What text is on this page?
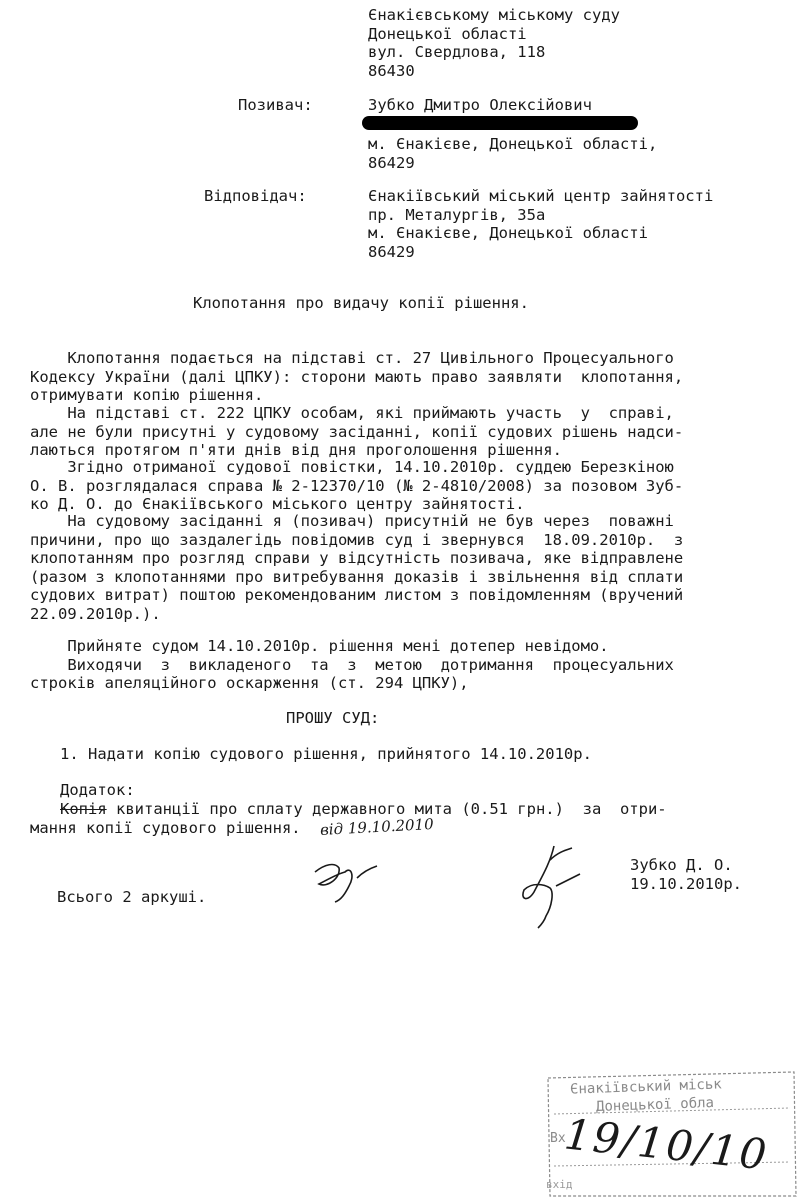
Єнакієвському міському суду
Донецької області
вул. Свердлова, 118
86430
Позивач:	Зубко Дмитро Олексійович
м. Єнакієве, Донецької області,
86429
Відповідач:	Єнакіївський міський центр зайнятості
пр. Металургів, 35а
м. Єнакієве, Донецької області
86429
Клопотання про видачу копії рішення.
Клопотання подається на підставі ст. 27 Цивільного Процесуального
Кодексу України (далі ЦПКУ): сторони мають право заявляти  клопотання,
отримувати копію рішення.
На підставі ст. 222 ЦПКУ особам, які приймають участь  у  справі,
але не були присутні у судовому засіданні, копії судових рішень надси-
лаються протягом п'яти днів від дня проголошення рішення.
Згідно отриманої судової повістки, 14.10.2010р. суддею Березкіною
О. В. розглядалася справа № 2-12370/10 (№ 2-4810/2008) за позовом Зуб-
ко Д. О. до Єнакіївського міського центру зайнятості.
На судовому засіданні я (позивач) присутній не був через  поважні
причини, про що заздалегідь повідомив суд і звернувся  18.09.2010р.  з
клопотанням про розгляд справи у відсутність позивача, яке відправлене
(разом з клопотаннями про витребування доказів і звільнення від сплати
судових витрат) поштою рекомендованим листом з повідомленням (вручений
22.09.2010р.).
Прийняте судом 14.10.2010р. рішення мені дотепер невідомо.
Виходячи  з  викладеного  та  з  метою  дотримання  процесуальних
строків апеляційного оскарження (ст. 294 ЦПКУ),
ПРОШУ СУД:
1. Надати копію судового рішення, прийнятого 14.10.2010р.
Додаток:
Копія квитанції про сплату державного мита (0.51 грн.)  за  отри-
мання копії судового рішення. від 19.10.2010
Зубко Д. О.
19.10.2010р.
Всього 2 аркуші.
Єнакіївський міськ
Донецької обла
Вх
вхід
19/10/10
